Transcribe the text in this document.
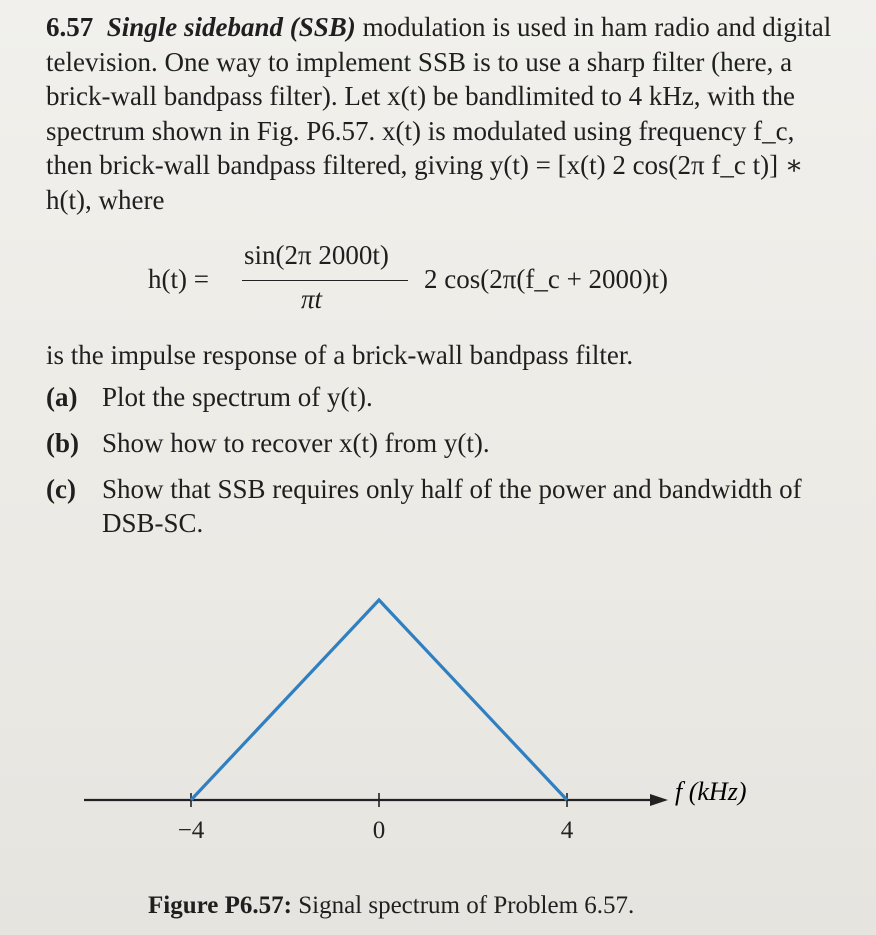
6.57 Single sideband (SSB) modulation is used in ham radio and digital television. One way to implement SSB is to use a sharp filter (here, a brick-wall bandpass filter). Let x(t) be bandlimited to 4 kHz, with the spectrum shown in Fig. P6.57. x(t) is modulated using frequency f_c, then brick-wall bandpass filtered, giving y(t) = [x(t) 2 cos(2π f_c t)] ∗ h(t), where

h(t) =
sin(2π 2000t)
πt
2 cos(2π(f_c + 2000)t)
is the impulse response of a brick-wall bandpass filter.
(a) Plot the spectrum of y(t).
(b) Show how to recover x(t) from y(t).
(c) Show that SSB requires only half of the power and bandwidth of DSB-SC.
f (kHz)
−4	0	4
Figure P6.57: Signal spectrum of Problem 6.57.
